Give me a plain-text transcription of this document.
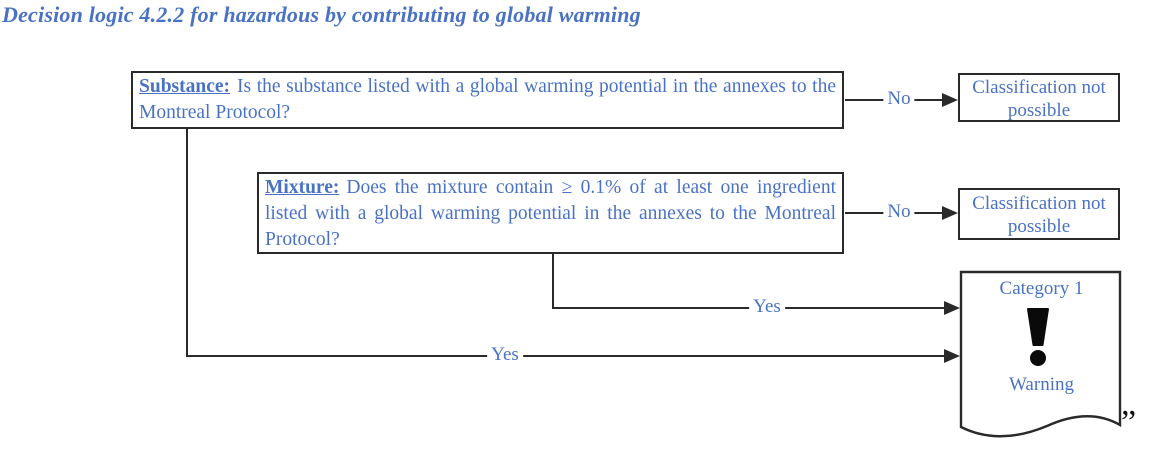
Decision logic 4.2.2 for hazardous by contributing to global warming
Substance: Is the substance listed with a global warming potential in the annexes to the Montreal Protocol?
No
Classification not possible
Mixture: Does the mixture contain ≥ 0.1% of at least one ingredient listed with a global warming potential in the annexes to the Montreal Protocol?
No	Classification not possible
Yes
Yes
Category 1
Warning
”
